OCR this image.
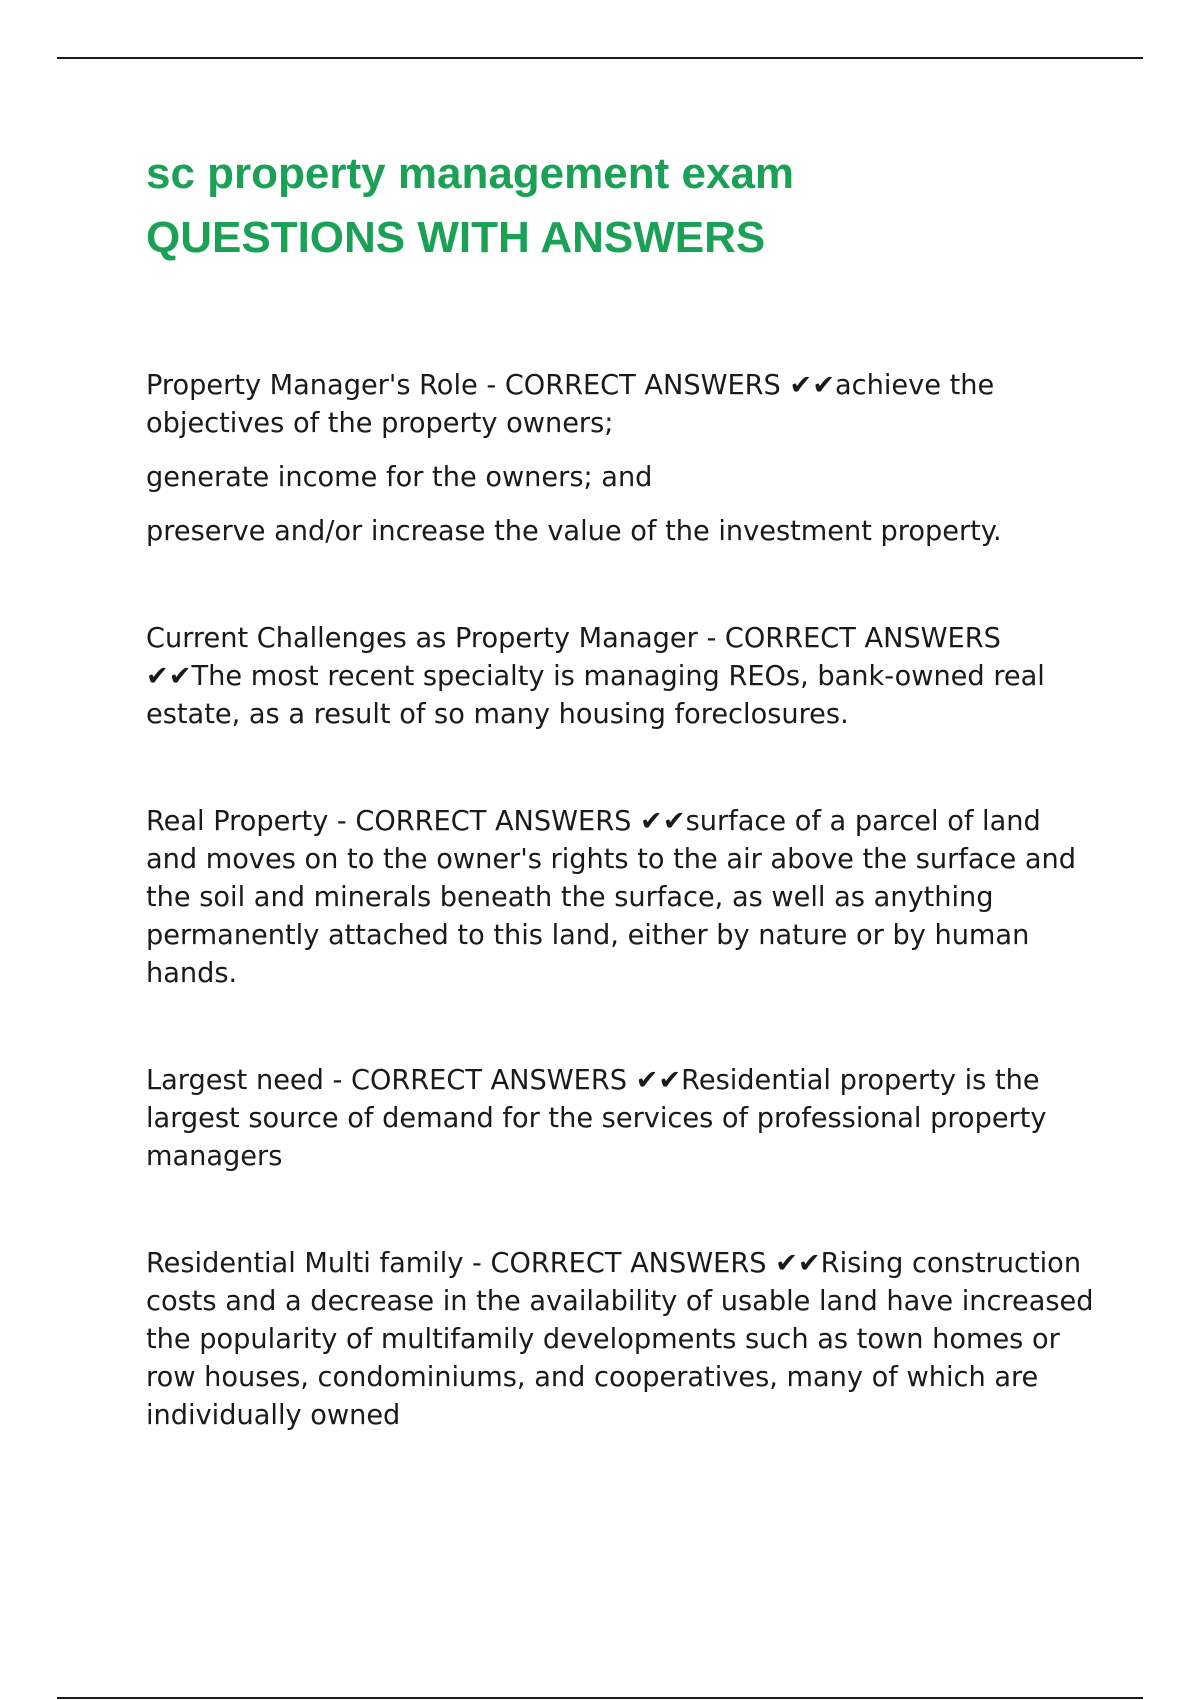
sc property management exam
QUESTIONS WITH ANSWERS

Property Manager's Role - CORRECT ANSWERS ✔✔achieve the objectives of the property owners;

generate income for the owners; and

preserve and/or increase the value of the investment property.

Current Challenges as Property Manager - CORRECT ANSWERS ✔✔The most recent specialty is managing REOs, bank-owned real estate, as a result of so many housing foreclosures.

Real Property - CORRECT ANSWERS ✔✔surface of a parcel of land and moves on to the owner's rights to the air above the surface and the soil and minerals beneath the surface, as well as anything permanently attached to this land, either by nature or by human hands.

Largest need - CORRECT ANSWERS ✔✔Residential property is the largest source of demand for the services of professional property managers

Residential Multi family - CORRECT ANSWERS ✔✔Rising construction costs and a decrease in the availability of usable land have increased the popularity of multifamily developments such as town homes or row houses, condominiums, and cooperatives, many of which are individually owned
